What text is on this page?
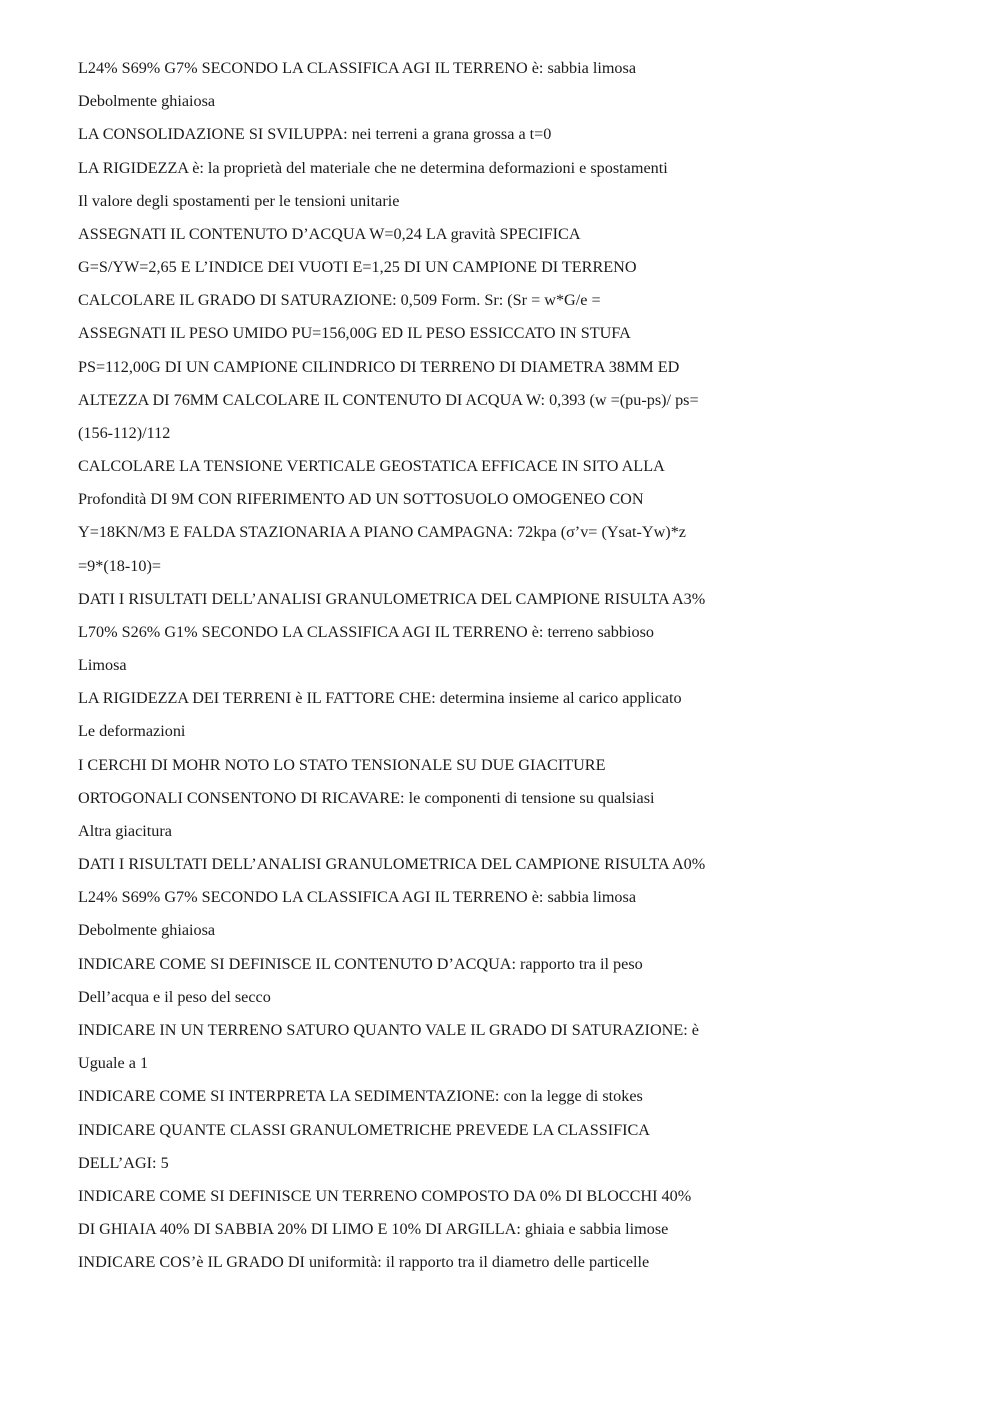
L24% S69% G7% SECONDO LA CLASSIFICA AGI IL TERRENO è: sabbia limosa

Debolmente ghiaiosa

LA CONSOLIDAZIONE SI SVILUPPA: nei terreni a grana grossa a t=0

LA RIGIDEZZA è: la proprietà del materiale che ne determina deformazioni e spostamenti

Il valore degli spostamenti per le tensioni unitarie

ASSEGNATI IL CONTENUTO D’ACQUA W=0,24 LA gravità SPECIFICA

G=S/YW=2,65 E L’INDICE DEI VUOTI E=1,25 DI UN CAMPIONE DI TERRENO

CALCOLARE IL GRADO DI SATURAZIONE: 0,509 Form. Sr: (Sr = w*G/e =

ASSEGNATI IL PESO UMIDO PU=156,00G ED IL PESO ESSICCATO IN STUFA

PS=112,00G DI UN CAMPIONE CILINDRICO DI TERRENO DI DIAMETRA 38MM ED

ALTEZZA DI 76MM CALCOLARE IL CONTENUTO DI ACQUA W: 0,393 (w =(pu-ps)/ ps=

(156-112)/112

CALCOLARE LA TENSIONE VERTICALE GEOSTATICA EFFICACE IN SITO ALLA

Profondità DI 9M CON RIFERIMENTO AD UN SOTTOSUOLO OMOGENEO CON

Y=18KN/M3 E FALDA STAZIONARIA A PIANO CAMPAGNA: 72kpa (σ’v= (Ysat-Yw)*z

=9*(18-10)=

DATI I RISULTATI DELL’ANALISI GRANULOMETRICA DEL CAMPIONE RISULTA A3%

L70% S26% G1% SECONDO LA CLASSIFICA AGI IL TERRENO è: terreno sabbioso

Limosa

LA RIGIDEZZA DEI TERRENI è IL FATTORE CHE: determina insieme al carico applicato

Le deformazioni

I CERCHI DI MOHR NOTO LO STATO TENSIONALE SU DUE GIACITURE

ORTOGONALI CONSENTONO DI RICAVARE: le componenti di tensione su qualsiasi

Altra giacitura

DATI I RISULTATI DELL’ANALISI GRANULOMETRICA DEL CAMPIONE RISULTA A0%

L24% S69% G7% SECONDO LA CLASSIFICA AGI IL TERRENO è: sabbia limosa

Debolmente ghiaiosa

INDICARE COME SI DEFINISCE IL CONTENUTO D’ACQUA: rapporto tra il peso

Dell’acqua e il peso del secco

INDICARE IN UN TERRENO SATURO QUANTO VALE IL GRADO DI SATURAZIONE: è

Uguale a 1

INDICARE COME SI INTERPRETA LA SEDIMENTAZIONE: con la legge di stokes

INDICARE QUANTE CLASSI GRANULOMETRICHE PREVEDE LA CLASSIFICA

DELL’AGI: 5

INDICARE COME SI DEFINISCE UN TERRENO COMPOSTO DA 0% DI BLOCCHI 40%

DI GHIAIA 40% DI SABBIA 20% DI LIMO E 10% DI ARGILLA: ghiaia e sabbia limose

INDICARE COS’è IL GRADO DI uniformità: il rapporto tra il diametro delle particelle
